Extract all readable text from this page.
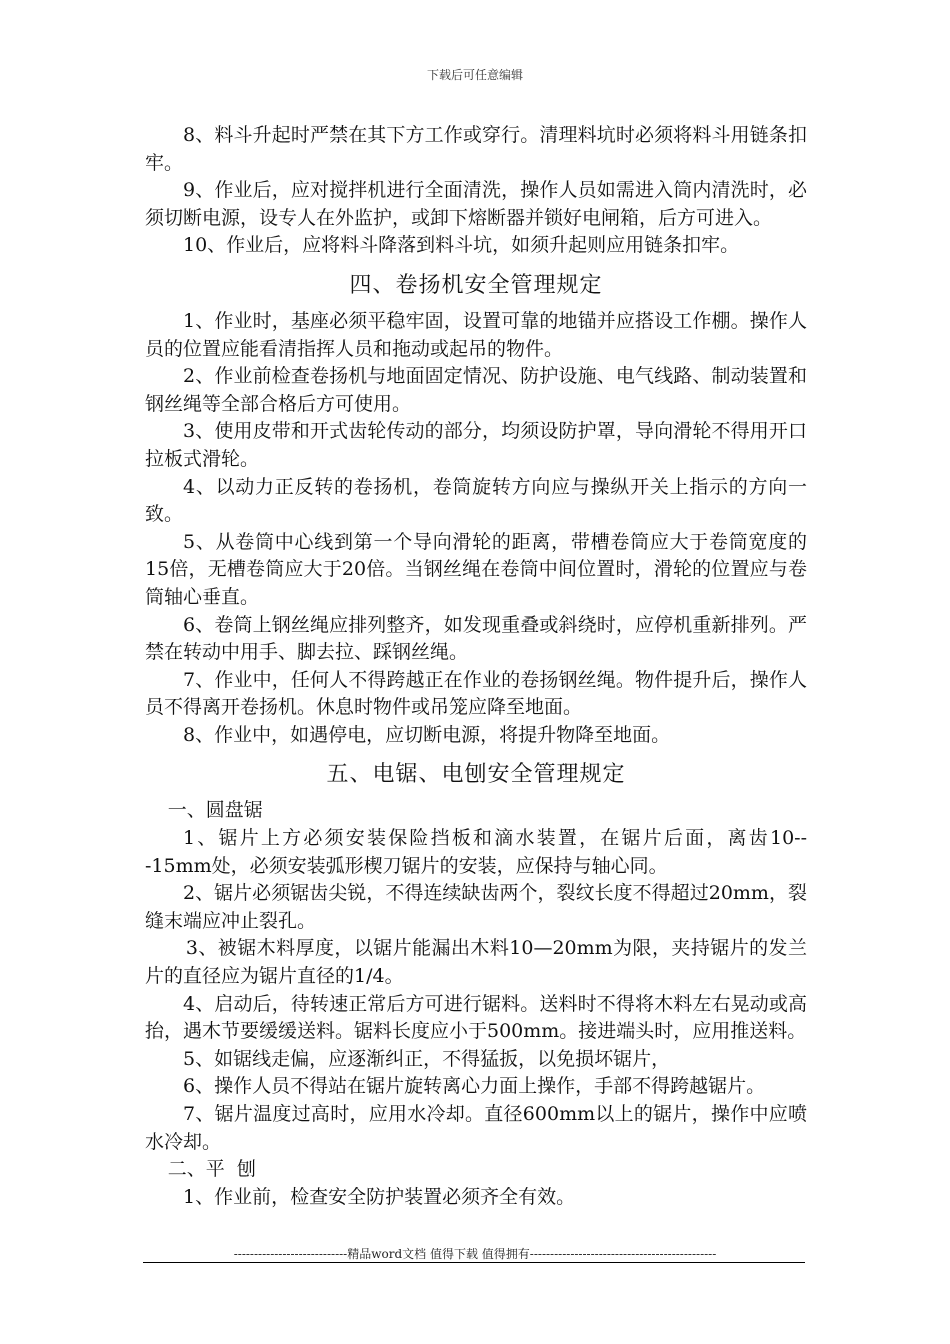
下载后可任意编辑

8、料斗升起时严禁在其下方工作或穿行。清理料坑时必须将料斗用链条扣牢。

9、作业后，应对搅拌机进行全面清洗，操作人员如需进入筒内清洗时，必须切断电源，设专人在外监护，或卸下熔断器并锁好电闸箱，后方可进入。

10、作业后，应将料斗降落到料斗坑，如须升起则应用链条扣牢。

四、卷扬机安全管理规定

1、作业时，基座必须平稳牢固，设置可靠的地锚并应搭设工作棚。操作人员的位置应能看清指挥人员和拖动或起吊的物件。

2、作业前检查卷扬机与地面固定情况、防护设施、电气线路、制动装置和钢丝绳等全部合格后方可使用。

3、使用皮带和开式齿轮传动的部分，均须设防护罩，导向滑轮不得用开口拉板式滑轮。

4、以动力正反转的卷扬机，卷筒旋转方向应与操纵开关上指示的方向一致。

5、从卷筒中心线到第一个导向滑轮的距离，带槽卷筒应大于卷筒宽度的15倍，无槽卷筒应大于20倍。当钢丝绳在卷筒中间位置时，滑轮的位置应与卷筒轴心垂直。

6、卷筒上钢丝绳应排列整齐，如发现重叠或斜绕时，应停机重新排列。严禁在转动中用手、脚去拉、踩钢丝绳。

7、作业中，任何人不得跨越正在作业的卷扬钢丝绳。物件提升后，操作人员不得离开卷扬机。休息时物件或吊笼应降至地面。

8、作业中，如遇停电，应切断电源，将提升物降至地面。

五、电锯、电刨安全管理规定

一、圆盘锯

1、锯片上方必须安装保险挡板和滴水装置，在锯片后面，离齿10---15mm处，必须安装弧形楔刀锯片的安装，应保持与轴心同。

2、锯片必须锯齿尖锐，不得连续缺齿两个，裂纹长度不得超过20mm，裂缝末端应冲止裂孔。

3、被锯木料厚度，以锯片能漏出木料10—20mm为限，夹持锯片的发兰片的直径应为锯片直径的1/4。

4、启动后，待转速正常后方可进行锯料。送料时不得将木料左右晃动或高抬，遇木节要缓缓送料。锯料长度应小于500mm。接进端头时，应用推送料。

5、如锯线走偏，应逐渐纠正，不得猛扳，以免损坏锯片，

6、操作人员不得站在锯片旋转离心力面上操作，手部不得跨越锯片。

7、锯片温度过高时，应用水冷却。直径600mm以上的锯片，操作中应喷水冷却。

二、平  刨

1、作业前，检查安全防护装置必须齐全有效。

----------------------------精品word文档 值得下载 值得拥有----------------------------------------------
